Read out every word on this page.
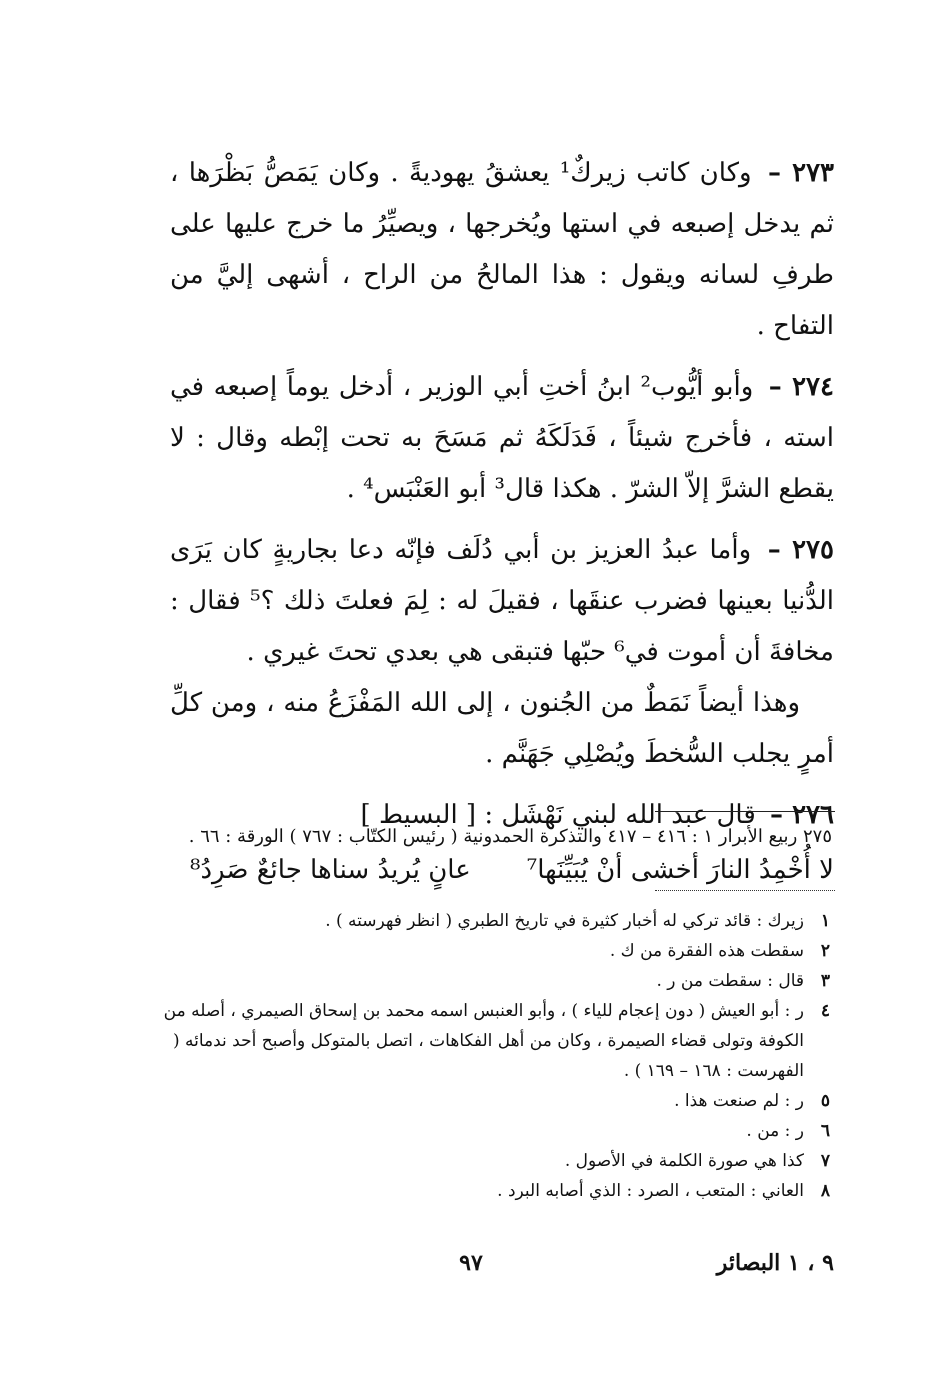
٢٧٣ – وكان كاتب زيركٌ¹ يعشقُ يهوديةً . وكان يَمَصُّ بَظْرَها ، ثم يدخل إصبعه في استها ويُخرجها ، ويصيِّرُ ما خرج عليها على طرفِ لسانه ويقول : هذا المالحُ من الراح ، أشهى إليَّ من التفاح .

٢٧٤ – وأبو أيُّوب² ابنُ أختِ أبي الوزير ، أدخل يوماً إصبعه في استه ، فأخرج شيئاً ، فَدَلَكَهُ ثم مَسَحَ به تحت إبْطه وقال : لا يقطع الشرَّ إلاّ الشرّ . هكذا قال³ أبو العَنْبَس⁴ .

٢٧٥ – وأما عبدُ العزيز بن أبي دُلَف فإنّه دعا بجاريةٍ كان يَرَى الدُّنيا بعينها فضرب عنقَها ، فقيلَ له : لِمَ فعلتَ ذلك ؟⁵ فقال : مخافةَ أن أموت في⁶ حبّها فتبقى هي بعدي تحتَ غيري .

وهذا أيضاً نَمَطٌ من الجُنون ، إلى الله المَفْزَعُ منه ، ومن كلِّ أمرٍ يجلب السُّخطَ ويُصْلِي جَهَنَّم .

٢٧٦ – قال عبد الله لبني نَهْشَل : [ البسيط ]

لا أُخْمِدُ النارَ أخشى أنْ يُبَيِّنَها⁷
عانٍ يُريدُ سناها جائعٌ صَرِدُ⁸
٢٧٥ ربيع الأبرار ١ : ٤١٦ – ٤١٧ والتذكرة الحمدونية ( رئيس الكتّاب : ٧٦٧ ) الورقة : ٦٦ .
١
زيرك : قائد تركي له أخبار كثيرة في تاريخ الطبري ( انظر فهرسته ) .
٢
سقطت هذه الفقرة من ك .
٣
قال : سقطت من ر .
٤
ر : أبو العيش ( دون إعجام للياء ) ، وأبو العنبس اسمه محمد بن إسحاق الصيمري ، أصله من الكوفة وتولى قضاء الصيمرة ، وكان من أهل الفكاهات ، اتصل بالمتوكل وأصبح أحد ندمائه ( الفهرست : ١٦٨ – ١٦٩ ) .
٥
ر : لم صنعت هذا .
٦
ر : من .
٧
كذا هي صورة الكلمة في الأصول .
٨
العاني : المتعب ، الصرد : الذي أصابه البرد .
٩ ، ١ البصائر
٩٧
